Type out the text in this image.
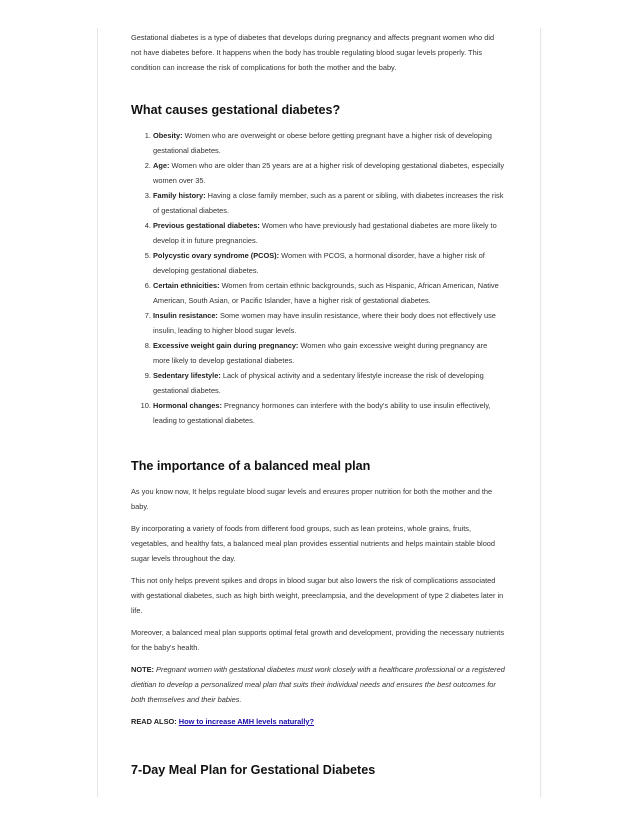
Gestational diabetes is a type of diabetes that develops during pregnancy and affects pregnant women who did not have diabetes before. It happens when the body has trouble regulating blood sugar levels properly. This condition can increase the risk of complications for both the mother and the baby.

What causes gestational diabetes?
1. Obesity: Women who are overweight or obese before getting pregnant have a higher risk of developing gestational diabetes.
2. Age: Women who are older than 25 years are at a higher risk of developing gestational diabetes, especially women over 35.
3. Family history: Having a close family member, such as a parent or sibling, with diabetes increases the risk of gestational diabetes.
4. Previous gestational diabetes: Women who have previously had gestational diabetes are more likely to develop it in future pregnancies.
5. Polycystic ovary syndrome (PCOS): Women with PCOS, a hormonal disorder, have a higher risk of developing gestational diabetes.
6. Certain ethnicities: Women from certain ethnic backgrounds, such as Hispanic, African American, Native American, South Asian, or Pacific Islander, have a higher risk of gestational diabetes.
7. Insulin resistance: Some women may have insulin resistance, where their body does not effectively use insulin, leading to higher blood sugar levels.
8. Excessive weight gain during pregnancy: Women who gain excessive weight during pregnancy are more likely to develop gestational diabetes.
9. Sedentary lifestyle: Lack of physical activity and a sedentary lifestyle increase the risk of developing gestational diabetes.
10. Hormonal changes: Pregnancy hormones can interfere with the body's ability to use insulin effectively, leading to gestational diabetes.
The importance of a balanced meal plan

As you know now, It helps regulate blood sugar levels and ensures proper nutrition for both the mother and the baby.

By incorporating a variety of foods from different food groups, such as lean proteins, whole grains, fruits, vegetables, and healthy fats, a balanced meal plan provides essential nutrients and helps maintain stable blood sugar levels throughout the day.

This not only helps prevent spikes and drops in blood sugar but also lowers the risk of complications associated with gestational diabetes, such as high birth weight, preeclampsia, and the development of type 2 diabetes later in life.

Moreover, a balanced meal plan supports optimal fetal growth and development, providing the necessary nutrients for the baby's health.

NOTE: Pregnant women with gestational diabetes must work closely with a healthcare professional or a registered dietitian to develop a personalized meal plan that suits their individual needs and ensures the best outcomes for both themselves and their babies.

READ ALSO: How to increase AMH levels naturally?

7-Day Meal Plan for Gestational Diabetes
